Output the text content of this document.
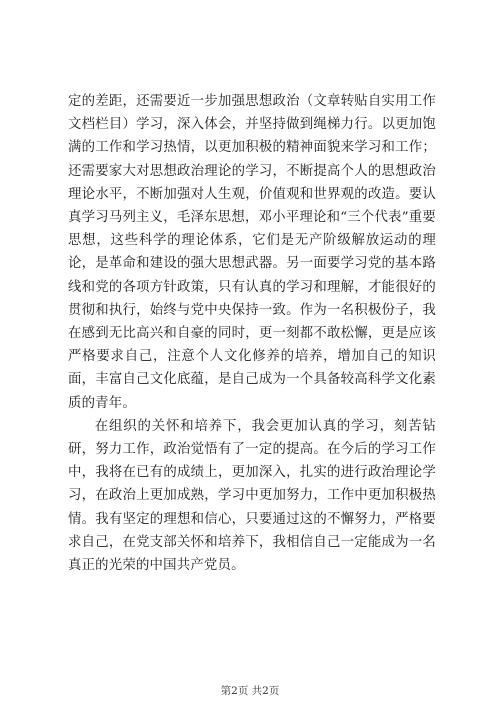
定的差距，还需要近一步加强思想政治（文章转贴自实用工作文档栏目）学习，深入体会，并坚持做到绳梯力行。以更加饱满的工作和学习热情，以更加积极的精神面貌来学习和工作；还需要家大对思想政治理论的学习，不断提高个人的思想政治理论水平，不断加强对人生观，价值观和世界观的改造。要认真学习马列主义，毛泽东思想，邓小平理论和“三个代表”重要思想，这些科学的理论体系，它们是无产阶级解放运动的理论，是革命和建设的强大思想武器。另一面要学习党的基本路线和党的各项方针政策，只有认真的学习和理解，才能很好的贯彻和执行，始终与党中央保持一致。作为一名积极份子，我在感到无比高兴和自豪的同时，更一刻都不敢松懈，更是应该严格要求自己，注意个人文化修养的培养，增加自己的知识面，丰富自己文化底蕴，是自己成为一个具备较高科学文化素质的青年。

在组织的关怀和培养下，我会更加认真的学习，刻苦钻研，努力工作，政治觉悟有了一定的提高。在今后的学习工作中，我将在已有的成绩上，更加深入，扎实的进行政治理论学习，在政治上更加成熟，学习中更加努力，工作中更加积极热情。我有坚定的理想和信心，只要通过这的不懈努力，严格要求自己，在党支部关怀和培养下，我相信自己一定能成为一名真正的光荣的中国共产党员。

第2页 共2页
